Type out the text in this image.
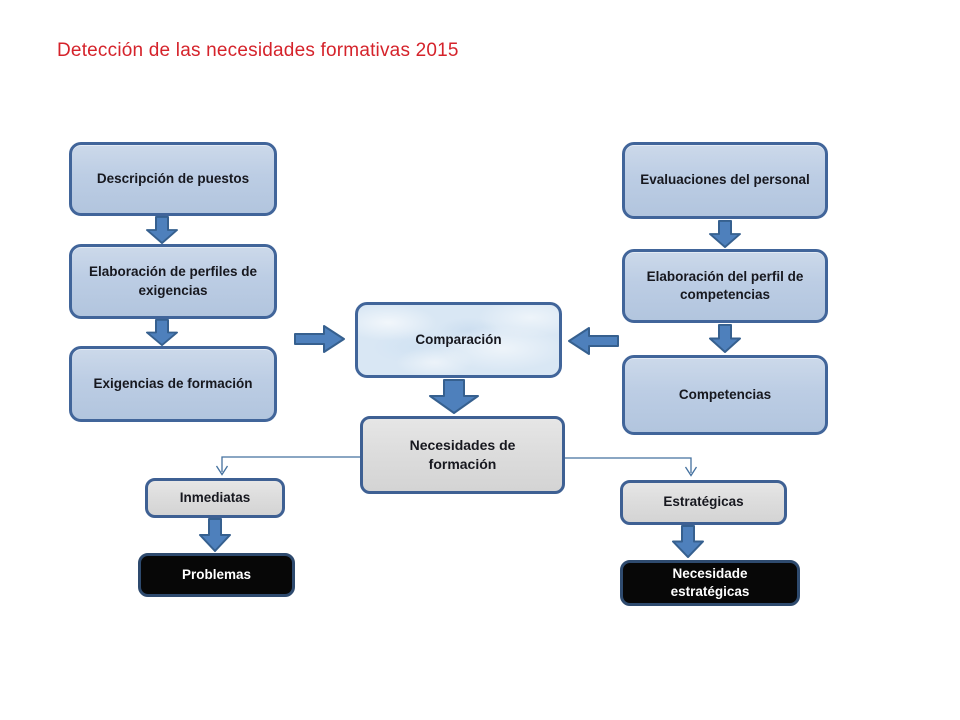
Detección de las necesidades formativas 2015
Descripción de puestos
Elaboración de perfiles de exigencias
Exigencias de formación
Evaluaciones del personal
Elaboración del perfil de competencias
Competencias
Comparación
Necesidades de formación
Inmediatas
Problemas
Estratégicas
Necesidade estratégicas
